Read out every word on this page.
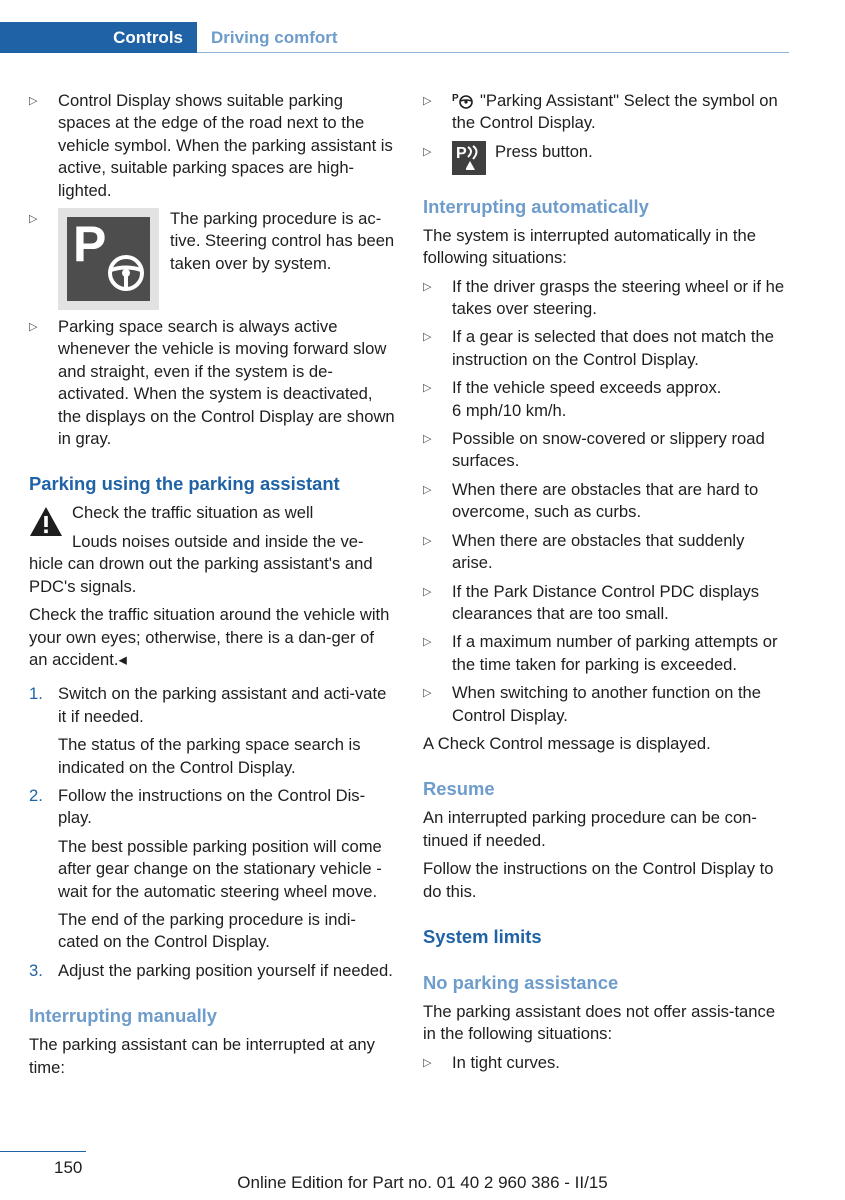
Controls	Driving comfort
▷ Control Display shows suitable parking spaces at the edge of the road next to the vehicle symbol. When the parking assistant is active, suitable parking spaces are high-lighted.
▷ P	The parking procedure is ac-tive. Steering control has been taken over by system.
▷ Parking space search is always active whenever the vehicle is moving forward slow and straight, even if the system is de-activated. When the system is deactivated, the displays on the Control Display are shown in gray.
Parking using the parking assistant

Check the traffic situation as well

Louds noises outside and inside the ve-hicle can drown out the parking assistant's and PDC's signals.

Check the traffic situation around the vehicle with your own eyes; otherwise, there is a dan-ger of an accident.◂

1. Switch on the parking assistant and acti-vate it if needed.
The status of the parking space search is indicated on the Control Display.
2. Follow the instructions on the Control Dis-play.
The best possible parking position will come after gear change on the stationary vehicle - wait for the automatic steering wheel move.
The end of the parking procedure is indi-cated on the Control Display.
3. Adjust the parking position yourself if needed.
Interrupting manually

The parking assistant can be interrupted at any time:

▷ P "Parking Assistant" Select the symbol on the Control Display.
▷ P Press button.
Interrupting automatically

The system is interrupted automatically in the following situations:

▷ If the driver grasps the steering wheel or if he takes over steering.
▷ If a gear is selected that does not match the instruction on the Control Display.
▷ If the vehicle speed exceeds approx.
6 mph/10 km/h.
▷ Possible on snow-covered or slippery road surfaces.
▷ When there are obstacles that are hard to overcome, such as curbs.
▷ When there are obstacles that suddenly arise.
▷ If the Park Distance Control PDC displays clearances that are too small.
▷ If a maximum number of parking attempts or the time taken for parking is exceeded.
▷ When switching to another function on the Control Display.

A Check Control message is displayed.

Resume

An interrupted parking procedure can be con-tinued if needed.

Follow the instructions on the Control Display to do this.

System limits
No parking assistance

The parking assistant does not offer assis-tance in the following situations:

▷ In tight curves.
150
Online Edition for Part no. 01 40 2 960 386 - II/15
